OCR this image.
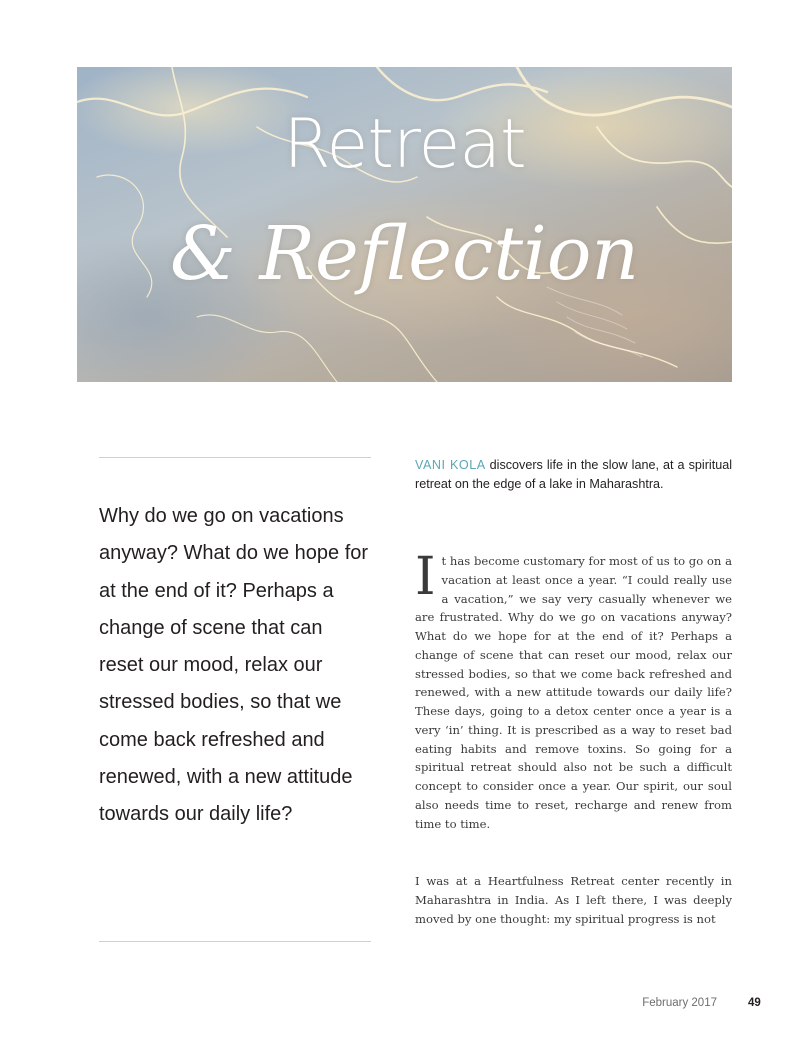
Retreat
& Reflection

Why do we go on vacations anyway? What do we hope for at the end of it? Perhaps a change of scene that can reset our mood, relax our stressed bodies, so that we come back refreshed and renewed, with a new attitude towards our daily life?

VANI KOLA discovers life in the slow lane, at a spiritual retreat on the edge of a lake in Maharashtra.

It has become customary for most of us to go on a vacation at least once a year. “I could really use a vacation,” we say very casually whenever we are frustrated. Why do we go on vacations anyway? What do we hope for at the end of it? Perhaps a change of scene that can reset our mood, relax our stressed bodies, so that we come back refreshed and renewed, with a new attitude towards our daily life? These days, going to a detox center once a year is a very ‘in’ thing. It is prescribed as a way to reset bad eating habits and remove toxins. So going for a spiritual retreat should also not be such a difficult concept to consider once a year. Our spirit, our soul also needs time to reset, recharge and renew from time to time.

I was at a Heartfulness Retreat center recently in Maharashtra in India. As I left there, I was deeply moved by one thought: my spiritual progress is not

February 2017	49
